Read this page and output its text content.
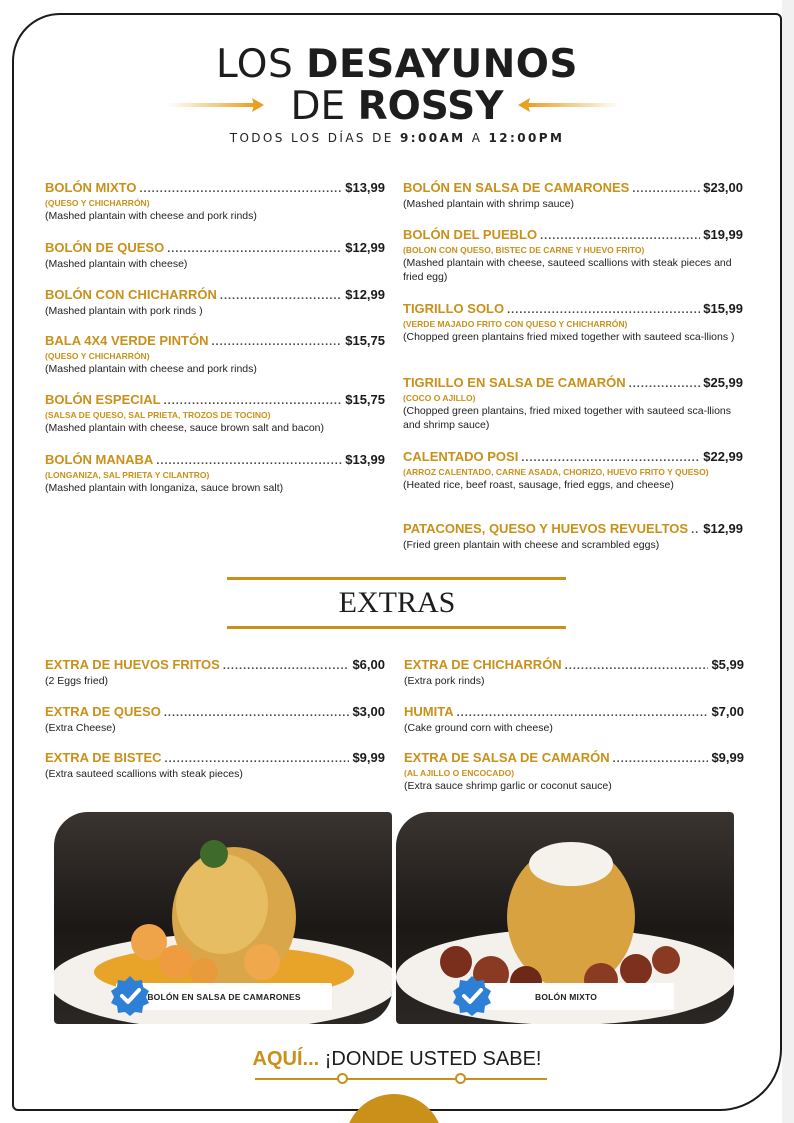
LOS DESAYUNOS
DE ROSSY
TODOS LOS DÍAS DE 9:00AM A 12:00PM
BOLÓN MIXTO .....	$13,99
(QUESO Y CHICHARRÓN)
(Mashed plantain with cheese and pork rinds)
BOLÓN DE QUESO .....	$12,99
(Mashed plantain with cheese)
BOLÓN CON CHICHARRÓN .....	$12,99
(Mashed plantain with pork rinds )
BALA 4X4 VERDE PINTÓN .....	$15,75
(QUESO Y CHICHARRÓN)
(Mashed plantain with cheese and pork rinds)
BOLÓN ESPECIAL .....	$15,75
(SALSA DE QUESO, SAL PRIETA, TROZOS DE TOCINO)
(Mashed plantain with cheese, sauce brown salt and bacon)
BOLÓN MANABA .....	$13,99
(LONGANIZA, SAL PRIETA Y CILANTRO)
(Mashed plantain with longaniza, sauce brown salt)
BOLÓN EN SALSA DE CAMARONES .....	$23,00
(Mashed plantain with shrimp sauce)
BOLÓN DEL PUEBLO .....	$19,99
(BOLON CON QUESO, BISTEC DE CARNE Y HUEVO FRITO)
(Mashed plantain with cheese, sauteed scallions with steak pieces and fried egg)
TIGRILLO SOLO .....	$15,99
(VERDE MAJADO FRITO CON QUESO Y CHICHARRÓN)
(Chopped green plantains fried mixed together with sauteed sca-llions )
TIGRILLO EN SALSA DE CAMARÓN .....	$25,99
(COCO O AJILLO)
(Chopped green plantains, fried mixed together with sauteed sca-llions and shrimp sauce)
CALENTADO POSI .....	$22,99
(ARROZ CALENTADO, CARNE ASADA, CHORIZO, HUEVO FRITO Y QUESO)
(Heated rice, beef roast, sausage, fried eggs, and cheese)
PATACONES, QUESO Y HUEVOS REVUELTOS ..... $12,99
(Fried green plantain with cheese and scrambled eggs)
EXTRAS
EXTRA DE HUEVOS FRITOS .....	$6,00
(2 Eggs fried)
EXTRA DE QUESO .....	$3,00
(Extra Cheese)
EXTRA DE BISTEC .....	$9,99
(Extra sauteed scallions with steak pieces)
EXTRA DE CHICHARRÓN .....	$5,99
(Extra pork rinds)
HUMITA .....	$7,00
(Cake ground corn with cheese)
EXTRA DE SALSA DE CAMARÓN .....	$9,99
(AL AJILLO O ENCOCADO)
(Extra sauce shrimp garlic or coconut sauce)
BOLÓN EN SALSA DE CAMARONES	BOLÓN MIXTO
AQUÍ... ¡DONDE USTED SABE!
